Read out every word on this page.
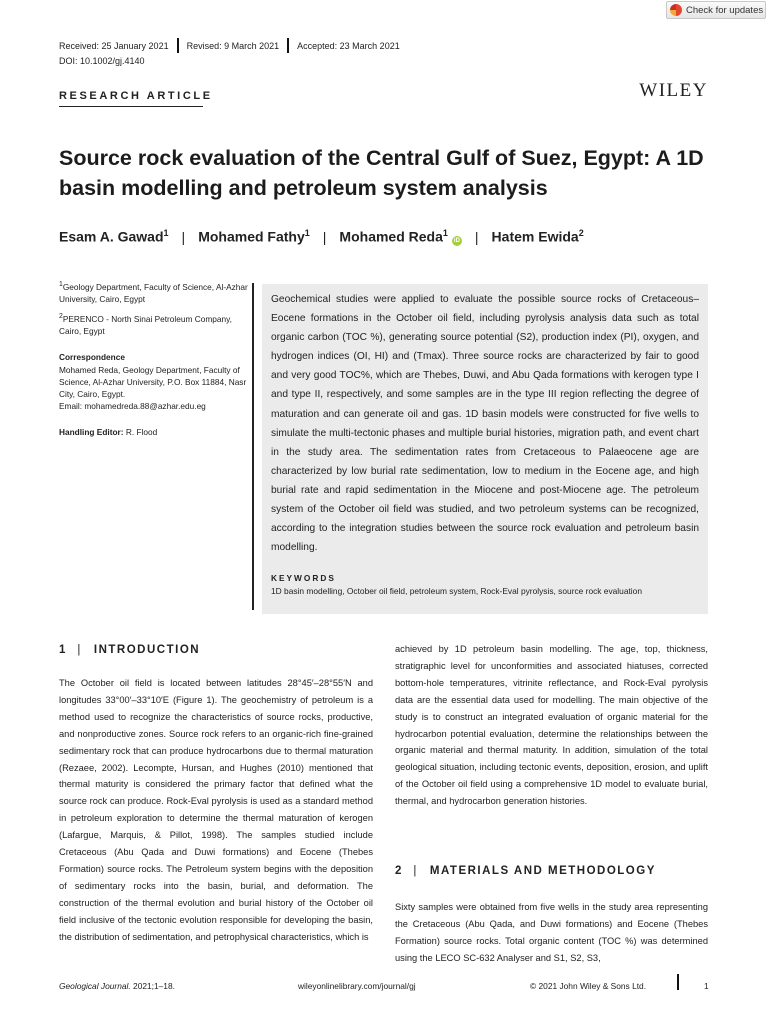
Check for updates
Received: 25 January 2021 Revised: 9 March 2021 Accepted: 23 March 2021
DOI: 10.1002/gj.4140
RESEARCH ARTICLE	WILEY
Source rock evaluation of the Central Gulf of Suez, Egypt: A 1D basin modelling and petroleum system analysis
Esam A. Gawad$^1$ | Mohamed Fathy$^1$ | Mohamed Reda$^1$
iD | Hatem Ewida$^2$

$^1$Geology Department, Faculty of Science, Al-Azhar University, Cairo, Egypt

$^2$PERENCO - North Sinai Petroleum Company, Cairo, Egypt

Correspondence

Mohamed Reda, Geology Department, Faculty of Science, Al-Azhar University, P.O. Box 11884, Nasr City, Cairo, Egypt.

Email: mohamedreda.88@azhar.edu.eg

Handling Editor: R. Flood

Geochemical studies were applied to evaluate the possible source rocks of Cretaceous–Eocene formations in the October oil field, including pyrolysis analysis data such as total organic carbon (TOC %), generating source potential (S2), production index (PI), oxygen, and hydrogen indices (OI, HI) and (Tmax). Three source rocks are characterized by fair to good and very good TOC%, which are Thebes, Duwi, and Abu Qada formations with kerogen type I and type II, respectively, and some samples are in the type III region reflecting the degree of maturation and can generate oil and gas. 1D basin models were constructed for five wells to simulate the multi-tectonic phases and multiple burial histories, migration path, and event chart in the study area. The sedimentation rates from Cretaceous to Palaeocene age are characterized by low burial rate sedimentation, low to medium in the Eocene age, and high burial rate and rapid sedimentation in the Miocene and post-Miocene age. The petroleum system of the October oil field was studied, and two petroleum systems can be recognized, according to the integration studies between the source rock evaluation and petroleum basin modelling.
KEYWORDS
1D basin modelling, October oil field, petroleum system, Rock-Eval pyrolysis, source rock evaluation
1 | INTRODUCTION
The October oil field is located between latitudes 28°45′–28°55′N and longitudes 33°00′–33°10′E (Figure 1). The geochemistry of petroleum is a method used to recognize the characteristics of source rocks, productive, and nonproductive zones. Source rock refers to an organic-rich fine-grained sedimentary rock that can produce hydrocarbons due to thermal maturation (Rezaee, 2002). Lecompte, Hursan, and Hughes (2010) mentioned that thermal maturity is considered the primary factor that defined what the source rock can produce. Rock-Eval pyrolysis is used as a standard method in petroleum exploration to determine the thermal maturation of kerogen (Lafargue, Marquis, & Pillot, 1998). The samples studied include Cretaceous (Abu Qada and Duwi formations) and Eocene (Thebes Formation) source rocks. The Petroleum system begins with the deposition of sedimentary rocks into the basin, burial, and deformation. The construction of the thermal evolution and burial history of the October oil field inclusive of the tectonic evolution responsible for developing the basin, the distribution of sedimentation, and petrophysical characteristics, which is
achieved by 1D petroleum basin modelling. The age, top, thickness, stratigraphic level for unconformities and associated hiatuses, corrected bottom-hole temperatures, vitrinite reflectance, and Rock-Eval pyrolysis data are the essential data used for modelling. The main objective of the study is to construct an integrated evaluation of organic material for the hydrocarbon potential evaluation, determine the relationships between the organic material and thermal maturity. In addition, simulation of the total geological situation, including tectonic events, deposition, erosion, and uplift of the October oil field using a comprehensive 1D model to evaluate burial, thermal, and hydrocarbon generation histories.
2 | MATERIALS AND METHODOLOGY
Sixty samples were obtained from five wells in the study area representing the Cretaceous (Abu Qada, and Duwi formations) and Eocene (Thebes Formation) source rocks. Total organic content (TOC %) was determined using the LECO SC-632 Analyser and S1, S2, S3,
Geological Journal. 2021;1–18.	wileyonlinelibrary.com/journal/gj	© 2021 John Wiley & Sons Ltd.	1
